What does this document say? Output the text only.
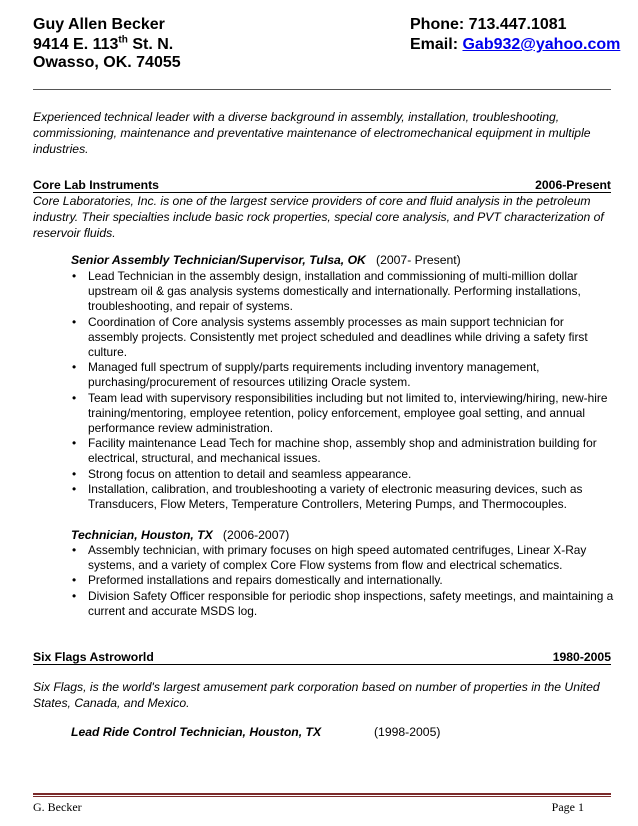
Guy Allen Becker
9414 E. 113th St. N.
Owasso, OK. 74055
Phone: 713.447.1081
Email: Gab932@yahoo.com
Experienced technical leader with a diverse background in assembly, installation, troubleshooting, commissioning, maintenance and preventative maintenance of electromechanical equipment in multiple industries.
Core Lab Instruments	2006-Present
Core Laboratories, Inc. is one of the largest service providers of core and fluid analysis in the petroleum industry. Their specialties include basic rock properties, special core analysis, and PVT characterization of reservoir fluids.
Senior Assembly Technician/Supervisor, Tulsa, OK (2007- Present)
• Lead Technician in the assembly design, installation and commissioning of multi-million dollar upstream oil & gas analysis systems domestically and internationally. Performing installations, troubleshooting, and repair of systems.
• Coordination of Core analysis systems assembly processes as main support technician for assembly projects. Consistently met project scheduled and deadlines while driving a safety first culture.
• Managed full spectrum of supply/parts requirements including inventory management, purchasing/procurement of resources utilizing Oracle system.
• Team lead with supervisory responsibilities including but not limited to, interviewing/hiring, new-hire training/mentoring, employee retention, policy enforcement, employee goal setting, and annual performance review administration.
• Facility maintenance Lead Tech for machine shop, assembly shop and administration building for electrical, structural, and mechanical issues.
• Strong focus on attention to detail and seamless appearance.
• Installation, calibration, and troubleshooting a variety of electronic measuring devices, such as Transducers, Flow Meters, Temperature Controllers, Metering Pumps, and Thermocouples.
Technician, Houston, TX (2006-2007)
• Assembly technician, with primary focuses on high speed automated centrifuges, Linear X-Ray systems, and a variety of complex Core Flow systems from flow and electrical schematics.
• Preformed installations and repairs domestically and internationally.
• Division Safety Officer responsible for periodic shop inspections, safety meetings, and maintaining a current and accurate MSDS log.
Six Flags Astroworld	1980-2005
Six Flags, is the world's largest amusement park corporation based on number of properties in the United States, Canada, and Mexico.
Lead Ride Control Technician, Houston, TX	(1998-2005)
G. Becker	Page 1
